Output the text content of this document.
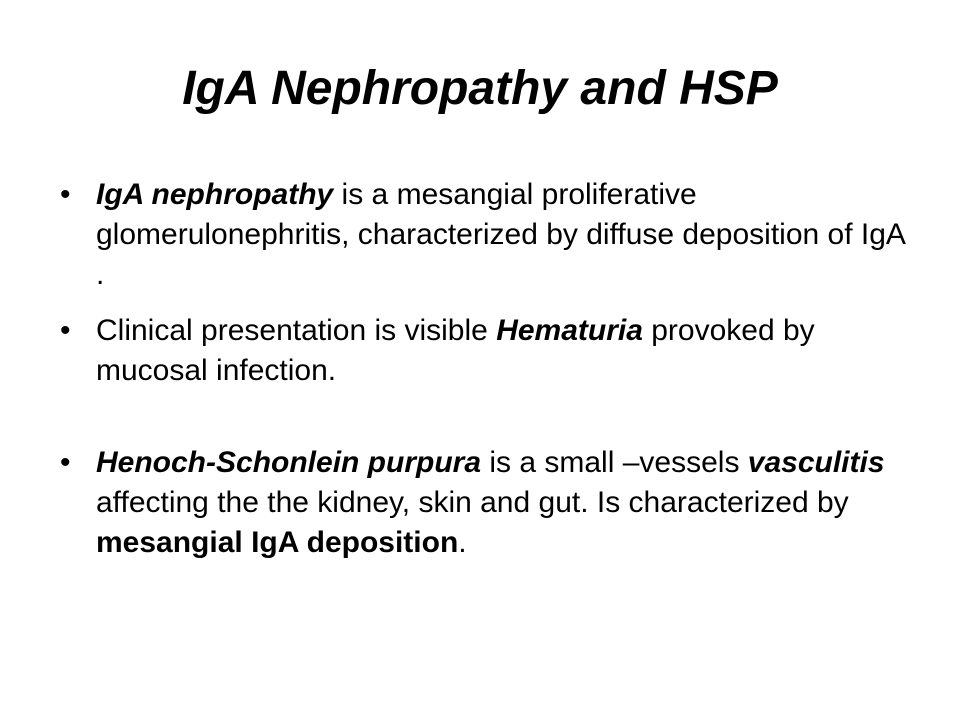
IgA Nephropathy and HSP
• IgA nephropathy is a mesangial proliferative glomerulonephritis, characterized by diffuse deposition of IgA .
• Clinical presentation is visible Hematuria provoked by mucosal infection.
• Henoch-Schonlein purpura is a small –vessels vasculitis affecting the the kidney, skin and gut. Is characterized by mesangial IgA deposition.
